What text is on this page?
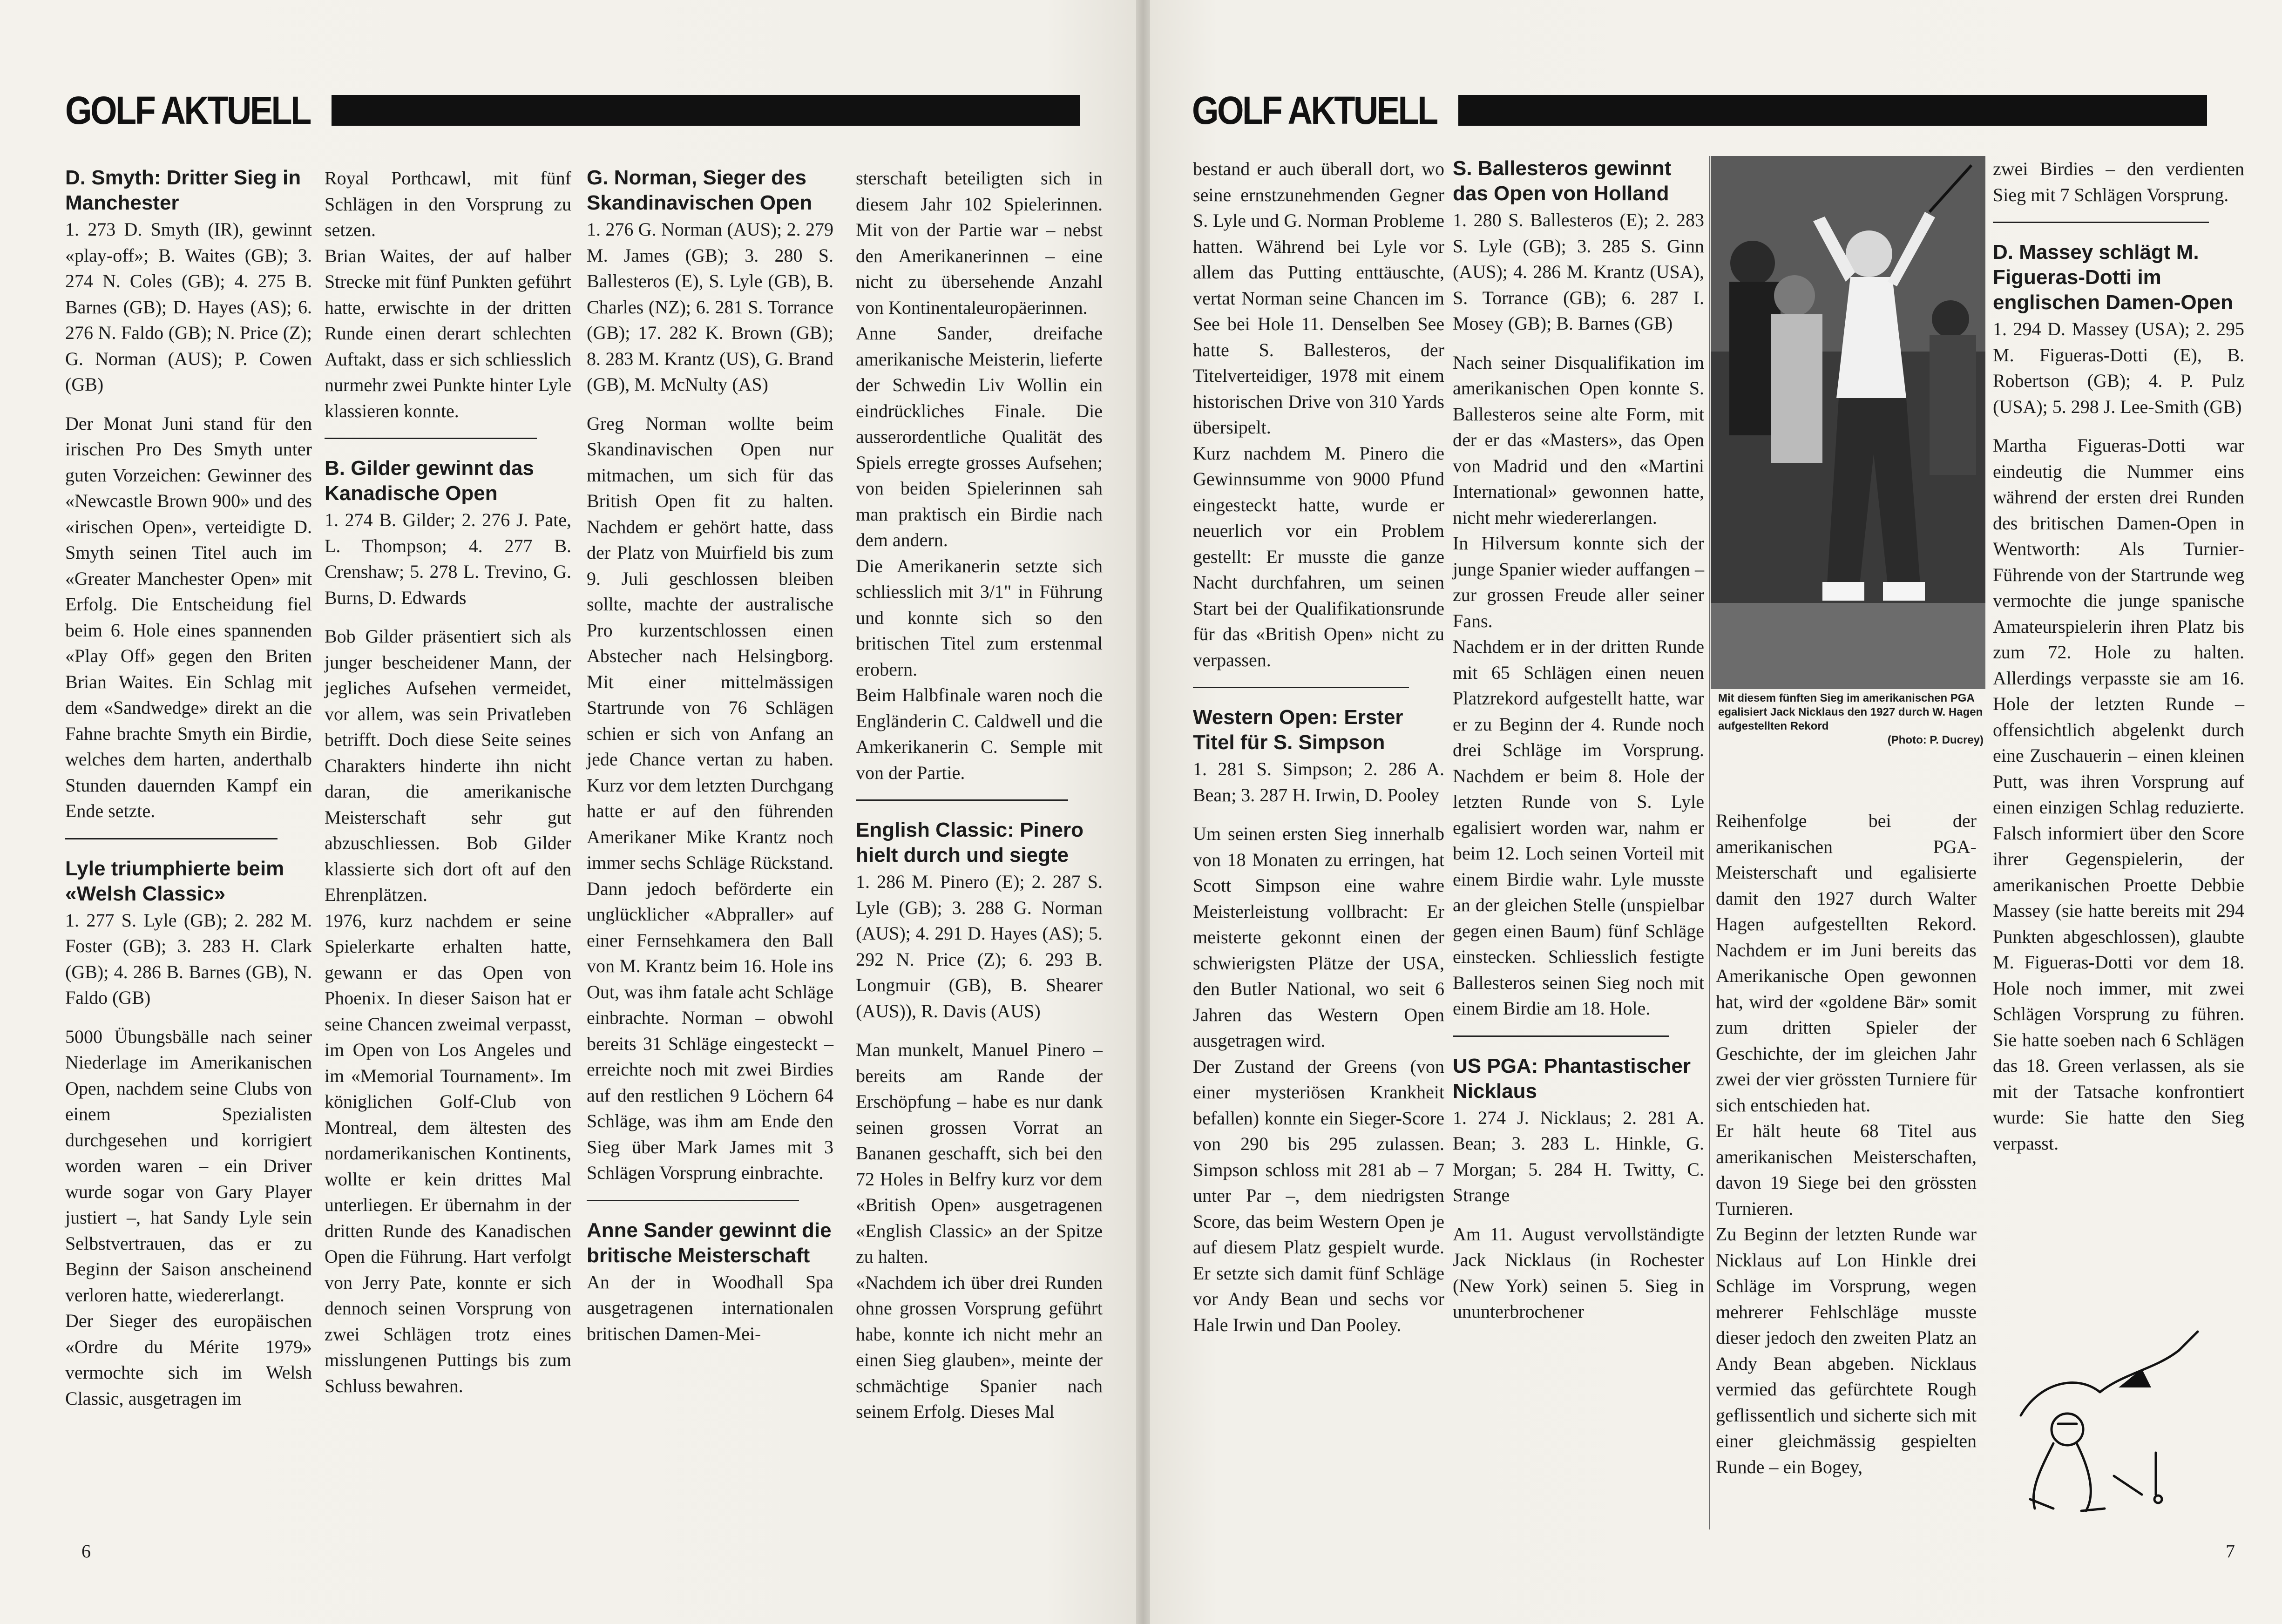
GOLF AKTUELL
D. Smyth: Dritter Sieg in Manchester
1. 273 D. Smyth (IR), gewinnt «play-off»; B. Waites (GB); 3. 274 N. Coles (GB); 4. 275 B. Barnes (GB); D. Hayes (AS); 6. 276 N. Faldo (GB); N. Price (Z); G. Norman (AUS); P. Cowen (GB)
Der Monat Juni stand für den irischen Pro Des Smyth unter guten Vorzeichen: Gewinner des «Newcastle Brown 900» und des «irischen Open», verteidigte D. Smyth seinen Titel auch im «Greater Manchester Open» mit Erfolg. Die Entscheidung fiel beim 6. Hole eines spannenden «Play Off» gegen den Briten Brian Waites. Ein Schlag mit dem «Sandwedge» direkt an die Fahne brachte Smyth ein Birdie, welches dem harten, anderthalb Stunden dauernden Kampf ein Ende setzte.
Lyle triumphierte beim «Welsh Classic»
1. 277 S. Lyle (GB); 2. 282 M. Foster (GB); 3. 283 H. Clark (GB); 4. 286 B. Barnes (GB), N. Faldo (GB)
5000 Übungsbälle nach seiner Niederlage im Amerikanischen Open, nachdem seine Clubs von einem Spezialisten durchgesehen und korrigiert worden waren – ein Driver wurde sogar von Gary Player justiert –, hat Sandy Lyle sein Selbstvertrauen, das er zu Beginn der Saison anscheinend verloren hatte, wiedererlangt.
Der Sieger des europäischen «Ordre du Mérite 1979» vermochte sich im Welsh Classic, ausgetragen im
Royal Porthcawl, mit fünf Schlägen in den Vorsprung zu setzen.
Brian Waites, der auf halber Strecke mit fünf Punkten geführt hatte, erwischte in der dritten Runde einen derart schlechten Auftakt, dass er sich schliesslich nurmehr zwei Punkte hinter Lyle klassieren konnte.
B. Gilder gewinnt das Kanadische Open
1. 274 B. Gilder; 2. 276 J. Pate, L. Thompson; 4. 277 B. Crenshaw; 5. 278 L. Trevino, G. Burns, D. Edwards
Bob Gilder präsentiert sich als junger bescheidener Mann, der jegliches Aufsehen vermeidet, vor allem, was sein Privatleben betrifft. Doch diese Seite seines Charakters hinderte ihn nicht daran, die amerikanische Meisterschaft sehr gut abzuschliessen. Bob Gilder klassierte sich dort oft auf den Ehrenplätzen.
1976, kurz nachdem er seine Spielerkarte erhalten hatte, gewann er das Open von Phoenix. In dieser Saison hat er seine Chancen zweimal verpasst, im Open von Los Angeles und im «Memorial Tournament». Im königlichen Golf-Club von Montreal, dem ältesten des nordamerikanischen Kontinents, wollte er kein drittes Mal unterliegen. Er übernahm in der dritten Runde des Kanadischen Open die Führung. Hart verfolgt von Jerry Pate, konnte er sich dennoch seinen Vorsprung von zwei Schlägen trotz eines misslungenen Puttings bis zum Schluss bewahren.
G. Norman, Sieger des Skandinavischen Open
1. 276 G. Norman (AUS); 2. 279 M. James (GB); 3. 280 S. Ballesteros (E), S. Lyle (GB), B. Charles (NZ); 6. 281 S. Torrance (GB); 17. 282 K. Brown (GB); 8. 283 M. Krantz (US), G. Brand (GB), M. McNulty (AS)
Greg Norman wollte beim Skandinavischen Open nur mitmachen, um sich für das British Open fit zu halten. Nachdem er gehört hatte, dass der Platz von Muirfield bis zum 9. Juli geschlossen bleiben sollte, machte der australische Pro kurzentschlossen einen Abstecher nach Helsingborg. Mit einer mittelmässigen Startrunde von 76 Schlägen schien er sich von Anfang an jede Chance vertan zu haben. Kurz vor dem letzten Durchgang hatte er auf den führenden Amerikaner Mike Krantz noch immer sechs Schläge Rückstand. Dann jedoch beförderte ein unglücklicher «Abpraller» auf einer Fernsehkamera den Ball von M. Krantz beim 16. Hole ins Out, was ihm fatale acht Schläge einbrachte. Norman – obwohl bereits 31 Schläge eingesteckt – erreichte noch mit zwei Birdies auf den restlichen 9 Löchern 64 Schläge, was ihm am Ende den Sieg über Mark James mit 3 Schlägen Vorsprung einbrachte.
Anne Sander gewinnt die britische Meisterschaft
An der in Woodhall Spa ausgetragenen internationalen britischen Damen-Mei-
sterschaft beteiligten sich in diesem Jahr 102 Spielerinnen. Mit von der Partie war – nebst den Amerikanerinnen – eine nicht zu übersehende Anzahl von Kontinentaleuropäerinnen.
Anne Sander, dreifache amerikanische Meisterin, lieferte der Schwedin Liv Wollin ein eindrückliches Finale. Die ausserordentliche Qualität des Spiels erregte grosses Aufsehen; von beiden Spielerinnen sah man praktisch ein Birdie nach dem andern.
Die Amerikanerin setzte sich schliesslich mit 3/1" in Führung und konnte sich so den britischen Titel zum erstenmal erobern.
Beim Halbfinale waren noch die Engländerin C. Caldwell und die Amkerikanerin C. Semple mit von der Partie.
English Classic: Pinero hielt durch und siegte
1. 286 M. Pinero (E); 2. 287 S. Lyle (GB); 3. 288 G. Norman (AUS); 4. 291 D. Hayes (AS); 5. 292 N. Price (Z); 6. 293 B. Longmuir (GB), B. Shearer (AUS)), R. Davis (AUS)
Man munkelt, Manuel Pinero – bereits am Rande der Erschöpfung – habe es nur dank seinen grossen Vorrat an Bananen geschafft, sich bei den 72 Holes in Belfry kurz vor dem «British Open» ausgetragenen «English Classic» an der Spitze zu halten.
«Nachdem ich über drei Runden ohne grossen Vorsprung geführt habe, konnte ich nicht mehr an einen Sieg glauben», meinte der schmächtige Spanier nach seinem Erfolg. Dieses Mal
6
GOLF AKTUELL
bestand er auch überall dort, wo seine ernstzunehmenden Gegner S. Lyle und G. Norman Probleme hatten. Während bei Lyle vor allem das Putting enttäuschte, vertat Norman seine Chancen im See bei Hole 11. Denselben See hatte S. Ballesteros, der Titelverteidiger, 1978 mit einem historischen Drive von 310 Yards übersipelt.
Kurz nachdem M. Pinero die Gewinnsumme von 9000 Pfund eingesteckt hatte, wurde er neuerlich vor ein Problem gestellt: Er musste die ganze Nacht durchfahren, um seinen Start bei der Qualifikationsrunde für das «British Open» nicht zu verpassen.
Western Open: Erster Titel für S. Simpson
1. 281 S. Simpson; 2. 286 A. Bean; 3. 287 H. Irwin, D. Pooley
Um seinen ersten Sieg innerhalb von 18 Monaten zu erringen, hat Scott Simpson eine wahre Meisterleistung vollbracht: Er meisterte gekonnt einen der schwierigsten Plätze der USA, den Butler National, wo seit 6 Jahren das Western Open ausgetragen wird.
Der Zustand der Greens (von einer mysteriösen Krankheit befallen) konnte ein Sieger-Score von 290 bis 295 zulassen. Simpson schloss mit 281 ab – 7 unter Par –, dem niedrigsten Score, das beim Western Open je auf diesem Platz gespielt wurde. Er setzte sich damit fünf Schläge vor Andy Bean und sechs vor Hale Irwin und Dan Pooley.
S. Ballesteros gewinnt das Open von Holland
1. 280 S. Ballesteros (E); 2. 283 S. Lyle (GB); 3. 285 S. Ginn (AUS); 4. 286 M. Krantz (USA), S. Torrance (GB); 6. 287 I. Mosey (GB); B. Barnes (GB)
Nach seiner Disqualifikation im amerikanischen Open konnte S. Ballesteros seine alte Form, mit der er das «Masters», das Open von Madrid und den «Martini International» gewonnen hatte, nicht mehr wiedererlangen.
In Hilversum konnte sich der junge Spanier wieder auffangen – zur grossen Freude aller seiner Fans.
Nachdem er in der dritten Runde mit 65 Schlägen einen neuen Platzrekord aufgestellt hatte, war er zu Beginn der 4. Runde noch drei Schläge im Vorsprung. Nachdem er beim 8. Hole der letzten Runde von S. Lyle egalisiert worden war, nahm er beim 12. Loch seinen Vorteil mit einem Birdie wahr. Lyle musste an der gleichen Stelle (unspielbar gegen einen Baum) fünf Schläge einstecken. Schliesslich festigte Ballesteros seinen Sieg noch mit einem Birdie am 18. Hole.
US PGA: Phantastischer Nicklaus
1. 274 J. Nicklaus; 2. 281 A. Bean; 3. 283 L. Hinkle, G. Morgan; 5. 284 H. Twitty, C. Strange
Am 11. August vervollständigte Jack Nicklaus (in Rochester (New York) seinen 5. Sieg in ununterbrochener
Mit diesem fünften Sieg im amerikanischen PGA egalisiert Jack Nicklaus den 1927 durch W. Hagen aufgestellten Rekord
(Photo: P. Ducrey)
Reihenfolge bei der amerikanischen PGA-Meisterschaft und egalisierte damit den 1927 durch Walter Hagen aufgestellten Rekord. Nachdem er im Juni bereits das Amerikanische Open gewonnen hat, wird der «goldene Bär» somit zum dritten Spieler der Geschichte, der im gleichen Jahr zwei der vier grössten Turniere für sich entschieden hat.
Er hält heute 68 Titel aus amerikanischen Meisterschaften, davon 19 Siege bei den grössten Turnieren.
Zu Beginn der letzten Runde war Nicklaus auf Lon Hinkle drei Schläge im Vorsprung, wegen mehrerer Fehlschläge musste dieser jedoch den zweiten Platz an Andy Bean abgeben. Nicklaus vermied das gefürchtete Rough geflissentlich und sicherte sich mit einer gleichmässig gespielten Runde – ein Bogey,
zwei Birdies – den verdienten Sieg mit 7 Schlägen Vorsprung.
D. Massey schlägt M. Figueras-Dotti im englischen Damen-Open
1. 294 D. Massey (USA); 2. 295 M. Figueras-Dotti (E), B. Robertson (GB); 4. P. Pulz (USA); 5. 298 J. Lee-Smith (GB)
Martha Figueras-Dotti war eindeutig die Nummer eins während der ersten drei Runden des britischen Damen-Open in Wentworth: Als Turnier-Führende von der Startrunde weg vermochte die junge spanische Amateurspielerin ihren Platz bis zum 72. Hole zu halten. Allerdings verpasste sie am 16. Hole der letzten Runde – offensichtlich abgelenkt durch eine Zuschauerin – einen kleinen Putt, was ihren Vorsprung auf einen einzigen Schlag reduzierte. Falsch informiert über den Score ihrer Gegenspielerin, der amerikanischen Proette Debbie Massey (sie hatte bereits mit 294 Punkten abgeschlossen), glaubte M. Figueras-Dotti vor dem 18. Hole noch immer, mit zwei Schlägen Vorsprung zu führen. Sie hatte soeben nach 6 Schlägen das 18. Green verlassen, als sie mit der Tatsache konfrontiert wurde: Sie hatte den Sieg verpasst.
7
